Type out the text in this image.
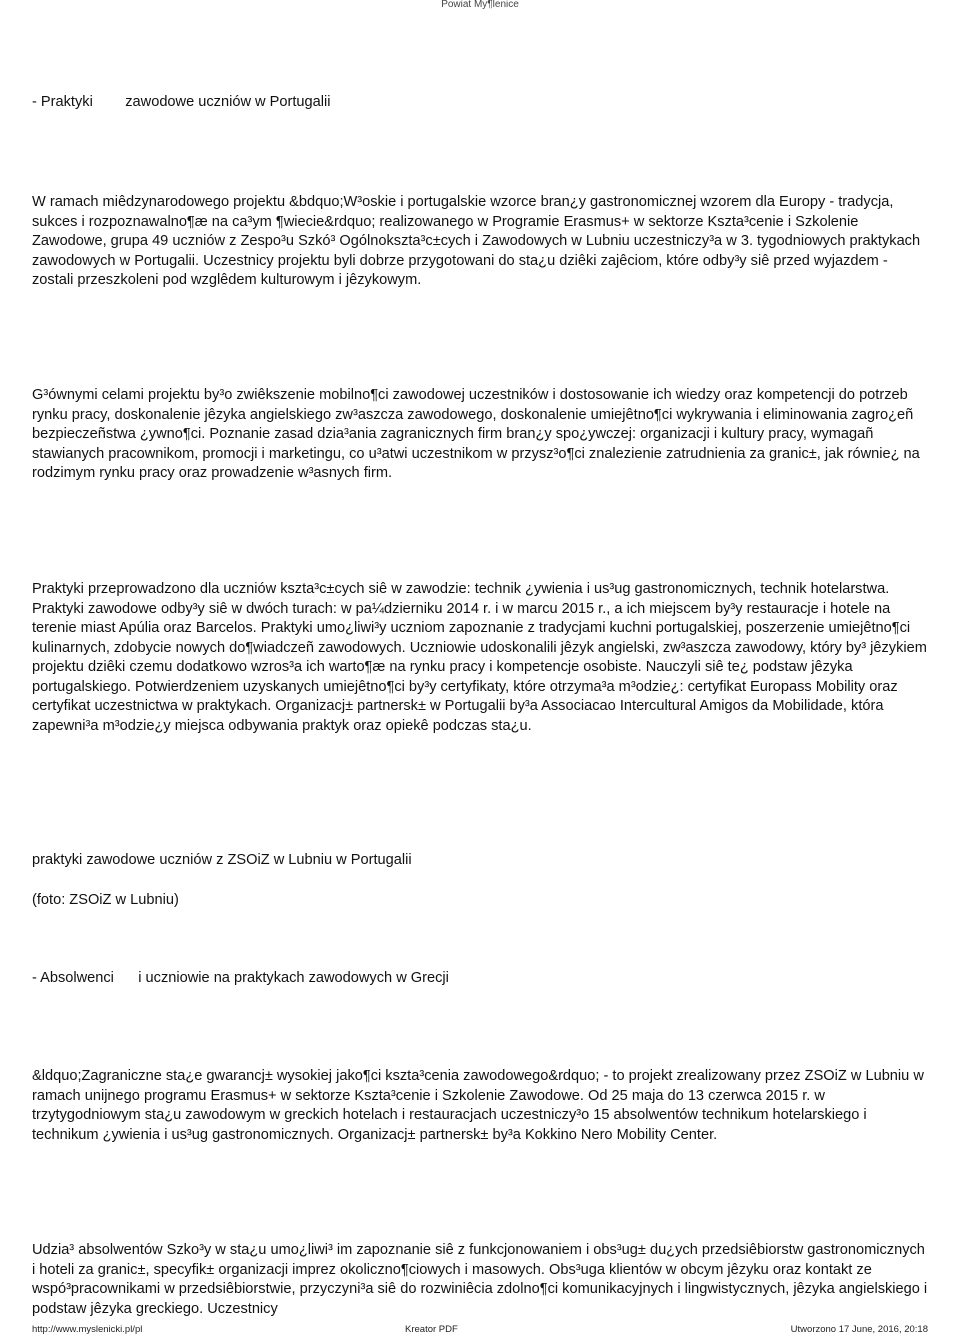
Powiat My¶lenice

- Praktyki        zawodowe uczniów w Portugalii

W ramach miêdzynarodowego projektu &bdquo;W³oskie i portugalskie wzorce bran¿y gastronomicznej wzorem dla Europy - tradycja, sukces i rozpoznawalno¶æ na ca³ym ¶wiecie&rdquo; realizowanego w Programie Erasmus+ w sektorze Kszta³cenie i Szkolenie Zawodowe, grupa 49 uczniów z Zespo³u Szkó³ Ogólnokszta³c±cych i Zawodowych w Lubniu uczestniczy³a w 3. tygodniowych praktykach zawodowych w Portugalii. Uczestnicy projektu byli dobrze przygotowani do sta¿u dziêki zajêciom, które odby³y siê przed wyjazdem - zostali przeszkoleni pod wzglêdem kulturowym i jêzykowym.

G³ównymi celami projektu by³o zwiêkszenie mobilno¶ci zawodowej uczestników i dostosowanie ich wiedzy oraz kompetencji do potrzeb rynku pracy, doskonalenie jêzyka angielskiego zw³aszcza zawodowego, doskonalenie umiejêtno¶ci wykrywania i eliminowania zagro¿eñ bezpieczeñstwa ¿ywno¶ci. Poznanie zasad dzia³ania zagranicznych firm bran¿y spo¿ywczej: organizacji i kultury pracy, wymagañ stawianych pracownikom, promocji i marketingu, co u³atwi uczestnikom w przysz³o¶ci znalezienie zatrudnienia za granic±, jak równie¿ na rodzimym rynku pracy oraz prowadzenie w³asnych firm.

Praktyki przeprowadzono dla uczniów kszta³c±cych siê w zawodzie: technik ¿ywienia i us³ug gastronomicznych, technik hotelarstwa. Praktyki zawodowe odby³y siê w dwóch turach: w pa¼dzierniku 2014 r. i w marcu 2015 r., a ich miejscem by³y restauracje i hotele na terenie miast Apúlia oraz Barcelos. Praktyki umo¿liwi³y uczniom zapoznanie z tradycjami kuchni portugalskiej, poszerzenie umiejêtno¶ci kulinarnych, zdobycie nowych do¶wiadczeñ zawodowych. Uczniowie udoskonalili jêzyk angielski, zw³aszcza zawodowy, który by³ jêzykiem projektu dziêki czemu dodatkowo wzros³a ich warto¶æ na rynku pracy i kompetencje osobiste. Nauczyli siê te¿ podstaw jêzyka portugalskiego. Potwierdzeniem uzyskanych umiejêtno¶ci by³y certyfikaty, które otrzyma³a m³odzie¿: certyfikat Europass Mobility oraz certyfikat uczestnictwa w praktykach. Organizacj± partnersk± w Portugalii by³a Associacao Intercultural Amigos da Mobilidade, która zapewni³a m³odzie¿y miejsca odbywania praktyk oraz opiekê podczas sta¿u.

praktyki zawodowe uczniów z ZSOiZ w Lubniu w Portugalii

(foto: ZSOiZ w Lubniu)

- Absolwenci      i uczniowie na praktykach zawodowych w Grecji

&ldquo;Zagraniczne sta¿e gwarancj± wysokiej jako¶ci kszta³cenia zawodowego&rdquo; - to projekt zrealizowany przez ZSOiZ w Lubniu w ramach unijnego programu Erasmus+ w sektorze Kszta³cenie i Szkolenie Zawodowe. Od 25 maja do 13 czerwca 2015 r. w trzytygodniowym sta¿u zawodowym w greckich hotelach i restauracjach uczestniczy³o 15 absolwentów technikum hotelarskiego i technikum ¿ywienia i us³ug gastronomicznych. Organizacj± partnersk± by³a Kokkino Nero Mobility Center.

Udzia³ absolwentów Szko³y w sta¿u umo¿liwi³ im zapoznanie siê z funkcjonowaniem i obs³ug± du¿ych przedsiêbiorstw gastronomicznych i hoteli za granic±, specyfik± organizacji imprez okoliczno¶ciowych i masowych. Obs³uga klientów w obcym jêzyku oraz kontakt ze wspó³pracownikami w przedsiêbiorstwie, przyczyni³a siê do rozwiniêcia zdolno¶ci komunikacyjnych i lingwistycznych, jêzyka angielskiego i podstaw jêzyka greckiego. Uczestnicy

http://www.myslenicki.pl/pl	Kreator PDF	Utworzono 17 June, 2016, 20:18
